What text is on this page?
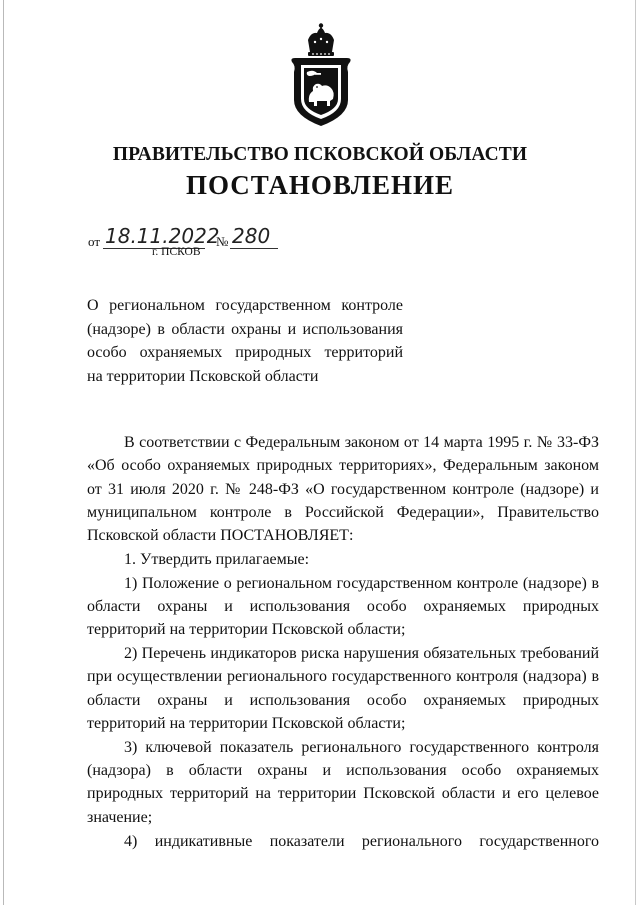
ПРАВИТЕЛЬСТВО ПСКОВСКОЙ ОБЛАСТИ
ПОСТАНОВЛЕНИЕ
от 18.11.2022
№ 280
г. ПСКОВ
О региональном государственном контроле
(надзоре) в области охраны и использования
особо охраняемых природных территорий
на территории Псковской области

В соответствии с Федеральным законом от 14 марта 1995 г. № 33-ФЗ «Об особо охраняемых природных территориях», Федеральным законом от 31 июля 2020 г. № 248-ФЗ «О государственном контроле (надзоре) и муниципальном контроле в Российской Федерации», Правительство Псковской области ПОСТАНОВЛЯЕТ:

1. Утвердить прилагаемые:

1) Положение о региональном государственном контроле (надзоре) в области охраны и использования особо охраняемых природных территорий на территории Псковской области;

2) Перечень индикаторов риска нарушения обязательных требований при осуществлении регионального государственного контроля (надзора) в области охраны и использования особо охраняемых природных территорий на территории Псковской области;

3) ключевой показатель регионального государственного контроля (надзора) в области охраны и использования особо охраняемых природных территорий на территории Псковской области и его целевое значение;

4) индикативные показатели регионального государственного
